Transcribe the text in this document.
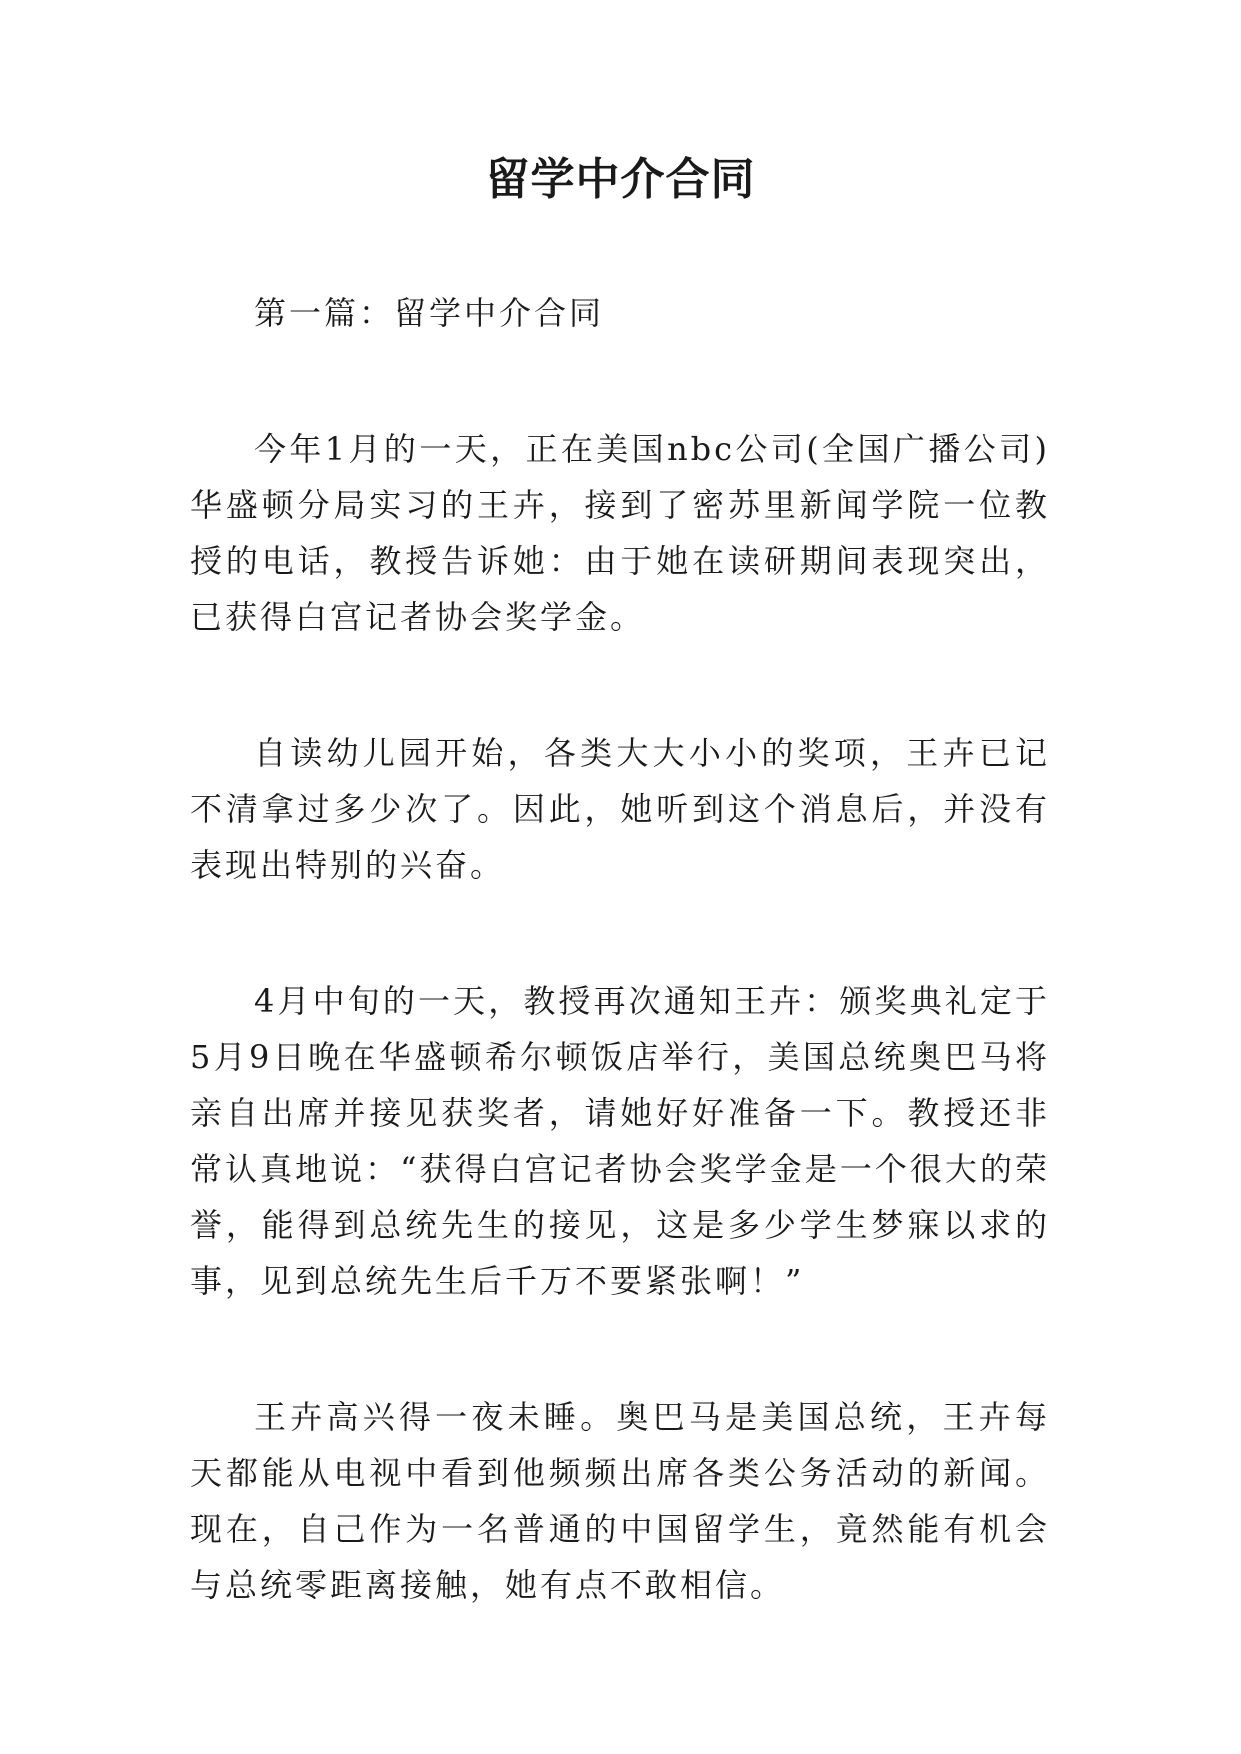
留学中介合同

第一篇：留学中介合同

今年1月的一天，正在美国nbc公司(全国广播公司)华盛顿分局实习的王卉，接到了密苏里新闻学院一位教授的电话，教授告诉她：由于她在读研期间表现突出，已获得白宫记者协会奖学金。

自读幼儿园开始，各类大大小小的奖项，王卉已记不清拿过多少次了。因此，她听到这个消息后，并没有表现出特别的兴奋。

4月中旬的一天，教授再次通知王卉：颁奖典礼定于5月9日晚在华盛顿希尔顿饭店举行，美国总统奥巴马将亲自出席并接见获奖者，请她好好准备一下。教授还非常认真地说：“获得白宫记者协会奖学金是一个很大的荣誉，能得到总统先生的接见，这是多少学生梦寐以求的事，见到总统先生后千万不要紧张啊！”

王卉高兴得一夜未睡。奥巴马是美国总统，王卉每天都能从电视中看到他频频出席各类公务活动的新闻。现在，自己作为一名普通的中国留学生，竟然能有机会与总统零距离接触，她有点不敢相信。
